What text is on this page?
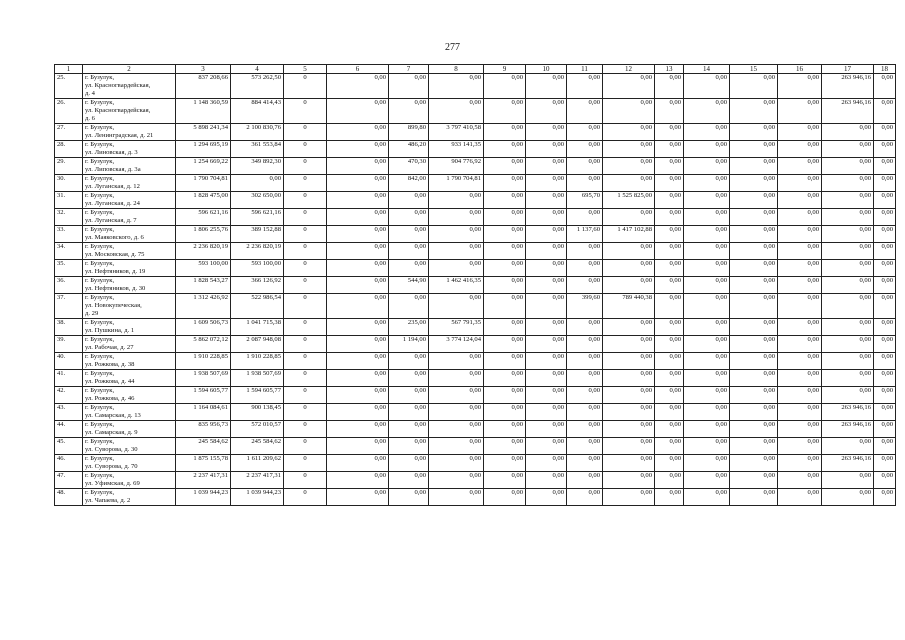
277
1	2	3	4	5	6	7	8	9	10	11	12	13	14	15	16	17	18
25.	г. Бузулук,
ул. Красногвардейская,
д. 4	837 208,66	573 262,50	0	0,00	0,00	0,00	0,00	0,00	0,00	0,00	0,00	0,00	0,00	0,00	263 946,16	0,00
26.	г. Бузулук,
ул. Красногвардейская,
д. 6	1 148 360,59	884 414,43	0	0,00	0,00	0,00	0,00	0,00	0,00	0,00	0,00	0,00	0,00	0,00	263 946,16	0,00
27.	г. Бузулук,
ул. Ленинградская, д. 21	5 898 241,34	2 100 830,76	0	0,00	899,80	3 797 410,58	0,00	0,00	0,00	0,00	0,00	0,00	0,00	0,00	0,00	0,00
28.	г. Бузулук,
ул. Линовская, д. 3	1 294 695,19	361 553,84	0	0,00	486,20	933 141,35	0,00	0,00	0,00	0,00	0,00	0,00	0,00	0,00	0,00	0,00
29.	г. Бузулук,
ул. Липовская, д. 3а	1 254 669,22	349 892,30	0	0,00	470,30	904 776,92	0,00	0,00	0,00	0,00	0,00	0,00	0,00	0,00	0,00	0,00
30.	г. Бузулук,
ул. Луганская, д. 12	1 790 704,81	0,00	0	0,00	842,00	1 790 704,81	0,00	0,00	0,00	0,00	0,00	0,00	0,00	0,00	0,00	0,00
31.	г. Бузулук,
ул. Луганская, д. 24	1 828 475,00	302 650,00	0	0,00	0,00	0,00	0,00	0,00	695,70	1 525 825,00	0,00	0,00	0,00	0,00	0,00	0,00
32.	г. Бузулук,
ул. Луганская, д. 7	596 621,16	596 621,16	0	0,00	0,00	0,00	0,00	0,00	0,00	0,00	0,00	0,00	0,00	0,00	0,00	0,00
33.	г. Бузулук,
ул. Маяковского, д. 6	1 806 255,76	389 152,88	0	0,00	0,00	0,00	0,00	0,00	1 137,60	1 417 102,88	0,00	0,00	0,00	0,00	0,00	0,00
34.	г. Бузулук,
ул. Московская, д. 75	2 236 820,19	2 236 820,19	0	0,00	0,00	0,00	0,00	0,00	0,00	0,00	0,00	0,00	0,00	0,00	0,00	0,00
35.	г. Бузулук,
ул. Нефтяников, д. 19	593 100,00	593 100,00	0	0,00	0,00	0,00	0,00	0,00	0,00	0,00	0,00	0,00	0,00	0,00	0,00	0,00
36.	г. Бузулук,
ул. Нефтяников, д. 30	1 828 543,27	366 126,92	0	0,00	544,90	1 462 416,35	0,00	0,00	0,00	0,00	0,00	0,00	0,00	0,00	0,00	0,00
37.	г. Бузулук,
ул. Новокупеческая,
д. 29	1 312 426,92	522 986,54	0	0,00	0,00	0,00	0,00	0,00	399,60	789 440,38	0,00	0,00	0,00	0,00	0,00	0,00
38.	г. Бузулук,
ул. Пушкина, д. 1	1 609 506,73	1 041 715,38	0	0,00	235,00	567 791,35	0,00	0,00	0,00	0,00	0,00	0,00	0,00	0,00	0,00	0,00
39.	г. Бузулук,
ул. Рабочая, д. 27	5 862 072,12	2 087 948,08	0	0,00	1 194,00	3 774 124,04	0,00	0,00	0,00	0,00	0,00	0,00	0,00	0,00	0,00	0,00
40.	г. Бузулук,
ул. Рожкова, д. 38	1 910 228,85	1 910 228,85	0	0,00	0,00	0,00	0,00	0,00	0,00	0,00	0,00	0,00	0,00	0,00	0,00	0,00
41.	г. Бузулук,
ул. Рожкова, д. 44	1 938 507,69	1 938 507,69	0	0,00	0,00	0,00	0,00	0,00	0,00	0,00	0,00	0,00	0,00	0,00	0,00	0,00
42.	г. Бузулук,
ул. Рожкова, д. 46	1 594 605,77	1 594 605,77	0	0,00	0,00	0,00	0,00	0,00	0,00	0,00	0,00	0,00	0,00	0,00	0,00	0,00
43.	г. Бузулук,
ул. Самарская, д. 13	1 164 084,61	900 138,45	0	0,00	0,00	0,00	0,00	0,00	0,00	0,00	0,00	0,00	0,00	0,00	263 946,16	0,00
44.	г. Бузулук,
ул. Самарская, д. 9	835 956,73	572 010,57	0	0,00	0,00	0,00	0,00	0,00	0,00	0,00	0,00	0,00	0,00	0,00	263 946,16	0,00
45.	г. Бузулук,
ул. Суворова, д. 30	245 584,62	245 584,62	0	0,00	0,00	0,00	0,00	0,00	0,00	0,00	0,00	0,00	0,00	0,00	0,00	0,00
46.	г. Бузулук,
ул. Суворова, д. 70	1 875 155,78	1 611 209,62	0	0,00	0,00	0,00	0,00	0,00	0,00	0,00	0,00	0,00	0,00	0,00	263 946,16	0,00
47.	г. Бузулук,
ул. Уфимская, д. 69	2 237 417,31	2 237 417,31	0	0,00	0,00	0,00	0,00	0,00	0,00	0,00	0,00	0,00	0,00	0,00	0,00	0,00
48.	г. Бузулук,
ул. Чапаева, д. 2	1 039 944,23	1 039 944,23	0	0,00	0,00	0,00	0,00	0,00	0,00	0,00	0,00	0,00	0,00	0,00	0,00	0,00
